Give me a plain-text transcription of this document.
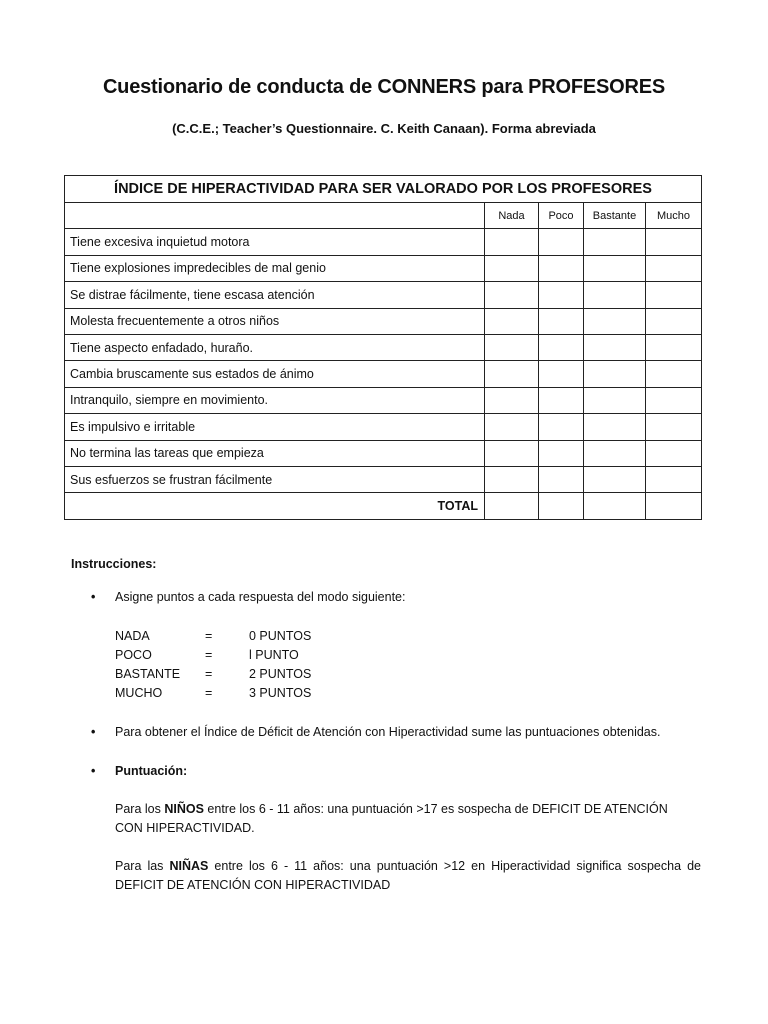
Cuestionario de conducta de CONNERS para PROFESORES
(C.C.E.; Teacher’s Questionnaire. C. Keith Canaan). Forma abreviada
ÍNDICE DE HIPERACTIVIDAD PARA SER VALORADO POR LOS PROFESORES				
	Nada	Poco	Bastante	Mucho
Tiene excesiva inquietud motora				
Tiene explosiones impredecibles de mal genio				
Se distrae fácilmente, tiene escasa atención				
Molesta frecuentemente a otros niños				
Tiene aspecto enfadado, huraño.				
Cambia bruscamente sus estados de ánimo				
Intranquilo, siempre en movimiento.				
Es impulsivo e irritable				
No termina las tareas que empieza				
Sus esfuerzos se frustran fácilmente				
TOTAL				
Instrucciones:
• Asigne puntos a cada respuesta del modo siguiente:
NADA	=	0 PUNTOS
POCO	=	l PUNTO
BASTANTE	=	2 PUNTOS
MUCHO	=	3 PUNTOS
• Para obtener el Índice de Déficit de Atención con Hiperactividad sume las puntuaciones obtenidas.
• Puntuación:
Para los NIÑOS entre los 6 - 11 años: una puntuación >17 es sospecha de DEFICIT DE ATENCIÓN
CON HIPERACTIVIDAD.
Para las NIÑAS entre los 6 - 11 años: una puntuación >12 en Hiperactividad significa sospecha de DEFICIT DE ATENCIÓN CON HIPERACTIVIDAD
